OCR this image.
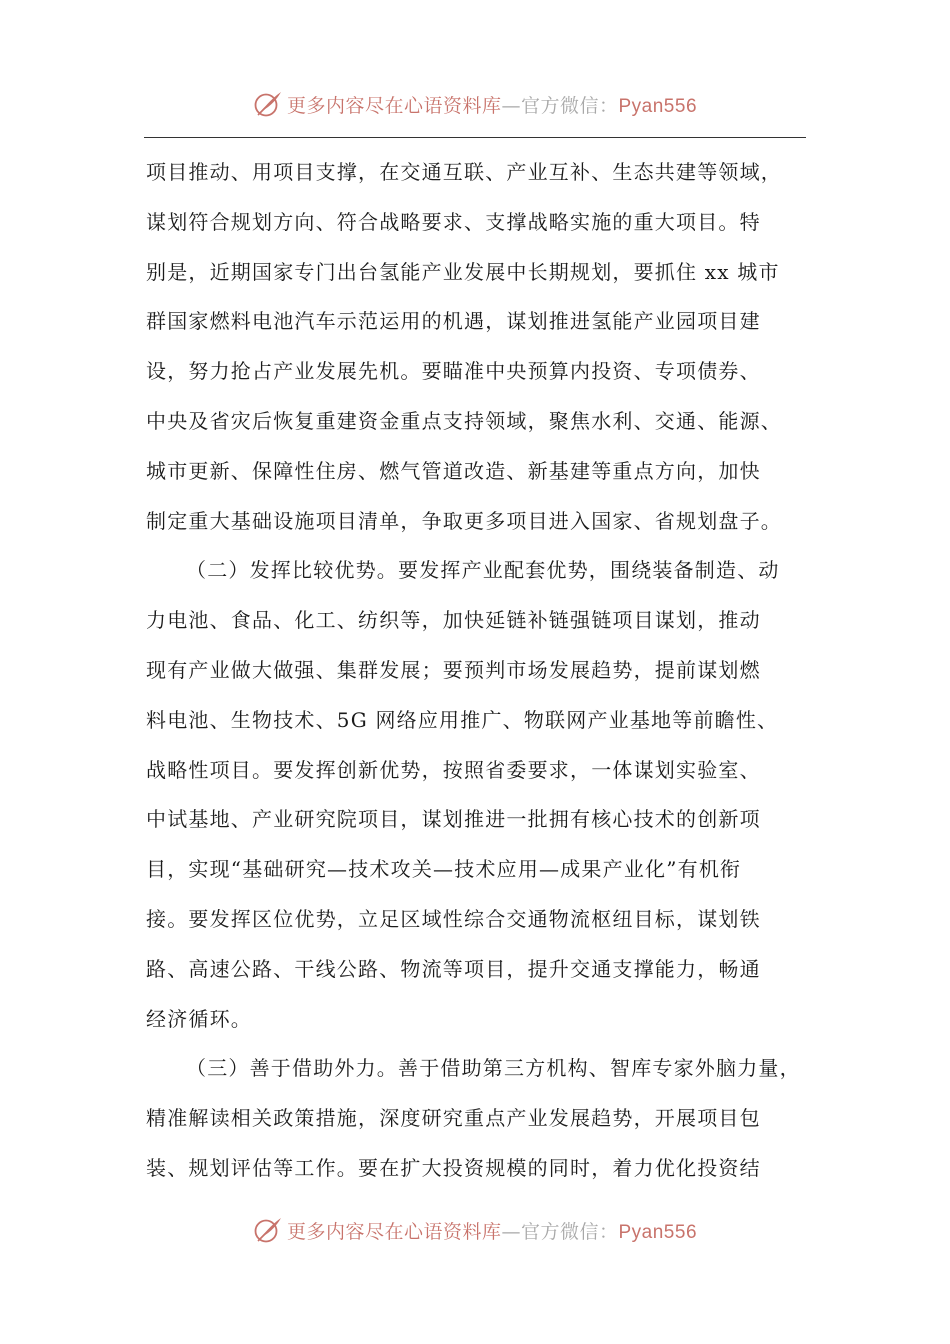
更多内容尽在心语资料库—官方微信：Pyan556
项目推动、用项目支撑，在交通互联、产业互补、生态共建等领域，
谋划符合规划方向、符合战略要求、支撑战略实施的重大项目。特
别是，近期国家专门出台氢能产业发展中长期规划，要抓住 xx 城市
群国家燃料电池汽车示范运用的机遇，谋划推进氢能产业园项目建
设，努力抢占产业发展先机。要瞄准中央预算内投资、专项债券、
中央及省灾后恢复重建资金重点支持领域，聚焦水利、交通、能源、
城市更新、保障性住房、燃气管道改造、新基建等重点方向，加快
制定重大基础设施项目清单，争取更多项目进入国家、省规划盘子。
（二）发挥比较优势。要发挥产业配套优势，围绕装备制造、动
力电池、食品、化工、纺织等，加快延链补链强链项目谋划，推动
现有产业做大做强、集群发展；要预判市场发展趋势，提前谋划燃
料电池、生物技术、5G 网络应用推广、物联网产业基地等前瞻性、
战略性项目。要发挥创新优势，按照省委要求，一体谋划实验室、
中试基地、产业研究院项目，谋划推进一批拥有核心技术的创新项
目，实现“基础研究—技术攻关—技术应用—成果产业化”有机衔
接。要发挥区位优势，立足区域性综合交通物流枢纽目标，谋划铁
路、高速公路、干线公路、物流等项目，提升交通支撑能力，畅通
经济循环。
（三）善于借助外力。善于借助第三方机构、智库专家外脑力量，
精准解读相关政策措施，深度研究重点产业发展趋势，开展项目包
装、规划评估等工作。要在扩大投资规模的同时，着力优化投资结
更多内容尽在心语资料库—官方微信：Pyan556
